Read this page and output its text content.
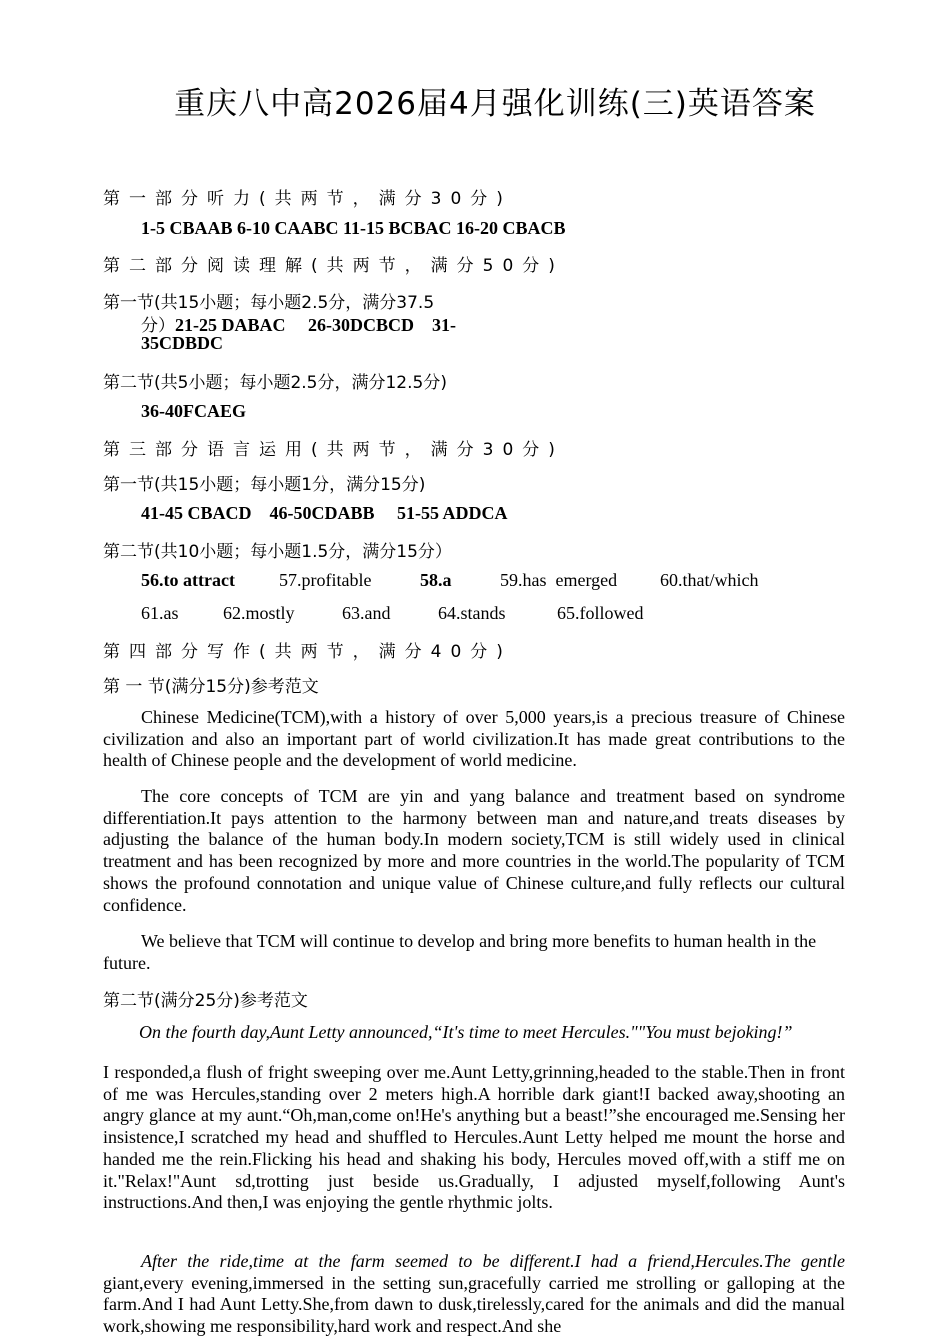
重庆八中高2026届4月强化训练(三)英语答案
第一部分听力(共两节，满分30分)
1-5 CBAAB 6-10 CAABC 11-15 BCBAC 16-20 CBACB
第二部分阅读理解(共两节，满分50分)
第一节(共15小题；每小题2.5分，满分37.5
分）21-25 DABAC     26-30DCBCD    31-
35CDBDC
第二节(共5小题；每小题2.5分，满分12.5分)
36-40FCAEG
第三部分语言运用(共两节，满分30分)
第一节(共15小题；每小题1分，满分15分)
41-45 CBACD    46-50CDABB     51-55 ADDCA
第二节(共10小题；每小题1.5分，满分15分）
56.to attract 57.profitable	58.a	59.has  emerged 60.that/which
61.as 62.mostly	63.and	64.stands	65.followed
第四部分写作(共两节，满分40分)
第 一 节(满分15分)参考范文
Chinese Medicine(TCM),with a history of over 5,000 years,is a precious treasure of Chinese civilization and also an important part of world civilization.It has made great contributions to the health of Chinese people and the development of world medicine.
The core concepts of TCM are yin and yang balance and treatment based on syndrome differentiation.It pays attention to the harmony between man and nature,and treats diseases by adjusting the balance of the human body.In modern society,TCM is still widely used in clinical treatment and has been recognized by more and more countries in the world.The popularity of TCM shows the profound connotation and unique value of Chinese culture,and fully reflects our cultural confidence.
We believe that TCM will continue to develop and bring more benefits to human health in the future.
第二节(满分25分)参考范文
On the fourth day,Aunt Letty announced,“It's time to meet Hercules.""You must bejoking!”
I responded,a flush of fright sweeping over me.Aunt Letty,grinning,headed to the stable.Then in front of me was Hercules,standing over 2 meters high.A horrible dark giant!I backed away,shooting an angry glance at my aunt.“Oh,man,come on!He's anything but a beast!”she encouraged me.Sensing her insistence,I scratched my head and shuffled to Hercules.Aunt Letty helped me mount the horse and handed me the rein.Flicking his head and shaking his body, Hercules moved off,with a stiff me on it."Relax!"Aunt sd,trotting just beside us.Gradually, I adjusted myself,following Aunt's instructions.And then,I was enjoying the gentle rhythmic jolts.
After the ride,time at the farm seemed to be different.I had a friend,Hercules.The gentle giant,every evening,immersed in the setting sun,gracefully carried me strolling or galloping at the farm.And I had Aunt Letty.She,from dawn to dusk,tirelessly,cared for the animals and did the manual work,showing me responsibility,hard work and respect.And she
